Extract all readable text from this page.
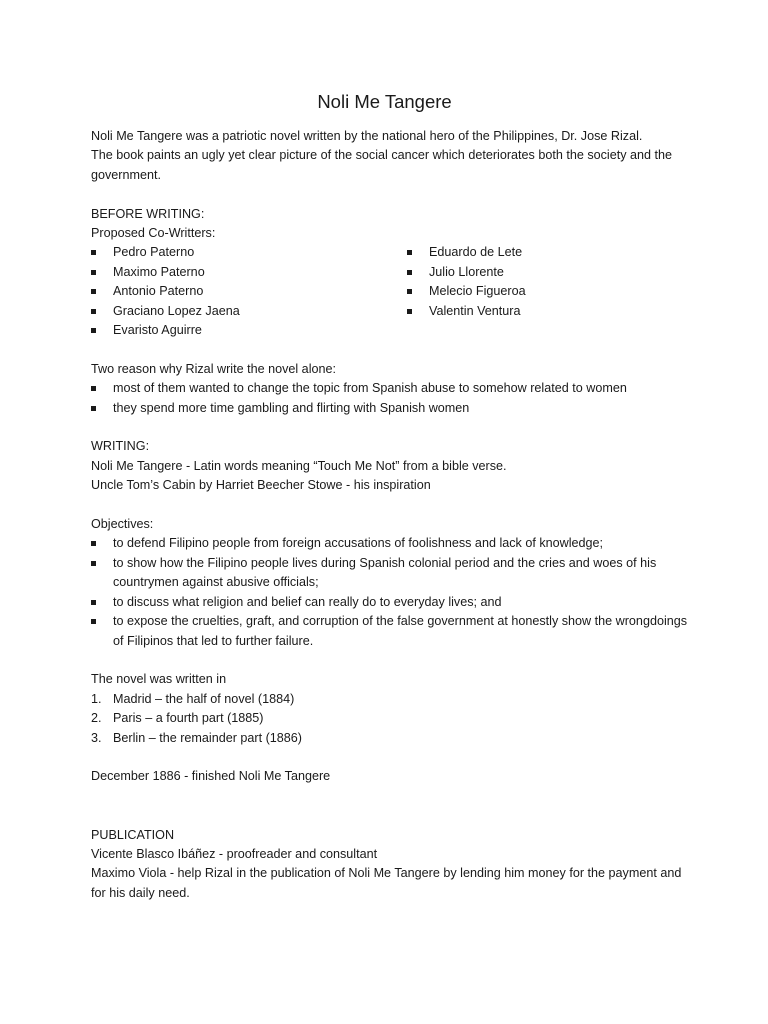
Noli Me Tangere

Noli Me Tangere was a patriotic novel written by the national hero of the Philippines, Dr. Jose Rizal.

The book paints an ugly yet clear picture of the social cancer which deteriorates both the society and the government.

BEFORE WRITING:

Proposed Co-Writters:

Pedro Paterno
Maximo Paterno
Antonio Paterno
Graciano Lopez Jaena
Evaristo Aguirre
Eduardo de Lete
Julio Llorente
Melecio Figueroa
Valentin Ventura

Two reason why Rizal write the novel alone:

most of them wanted to change the topic from Spanish abuse to somehow related to women
they spend more time gambling and flirting with Spanish women

WRITING:

Noli Me Tangere - Latin words meaning “Touch Me Not” from a bible verse.

Uncle Tom’s Cabin by Harriet Beecher Stowe - his inspiration

Objectives:

to defend Filipino people from foreign accusations of foolishness and lack of knowledge;
to show how the Filipino people lives during Spanish colonial period and the cries and woes of his countrymen against abusive officials;
to discuss what religion and belief can really do to everyday lives; and
to expose the cruelties, graft, and corruption of the false government at honestly show the wrongdoings of Filipinos that led to further failure.

The novel was written in

1. Madrid – the half of novel (1884)
2. Paris – a fourth part (1885)
3. Berlin – the remainder part (1886)

December 1886 - finished Noli Me Tangere

PUBLICATION

Vicente Blasco Ibáñez - proofreader and consultant

Maximo Viola - help Rizal in the publication of Noli Me Tangere by lending him money for the payment and for his daily need.
